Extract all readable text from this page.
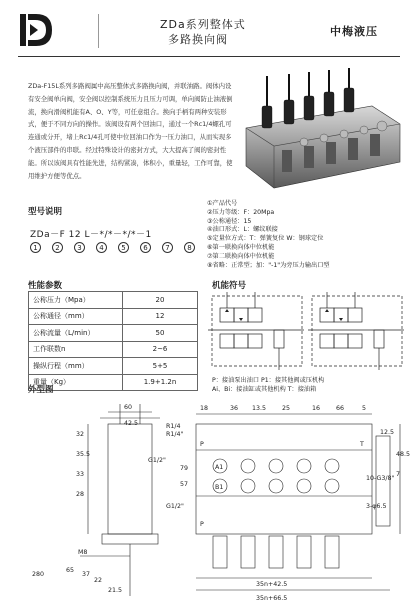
ZDa系列整体式
多路换向阀
中梅液压
ZDa-F15L系列多路阀属中高压整体式多路换向阀，并联油路。阀体内设有安全阀单向阀，安全阀以控制系统压力且压力可调，单向阀防止油液倒流，换向滑阀机能有A、O、Y等，可任意组合。换向手柄有两种安装形式，便于不同方向的操作。该阀设有两个回油口，通过一个Rc1/4螺孔可连通或分开，堵上Rc1/4孔可使中位回油口作为一压力油口，从而实现多个液压部件的串联。经过特殊设计的密封方式，大大提高了阀的密封性能。所以该阀具有性能先进，结构紧凑，体积小，重量轻，工作可靠，使用维护方便等优点。
型号说明
ZDa－F 12 L－*/*－*/*－1
1	2	3	4	5	6	7	8
①产品代号
②压力等级：F：20Mpa
③公称通径：15
④油口形式：L：螺纹联接
⑤定量位方式：T：弹簧复位 W：钢球定位
⑥第一联换向体中位机能
⑦第二联换向体中位机能
⑧省略：正常型；加："-1"为旁压力输出口型
性能参数
公称压力（Mpa）	20
公称通径（mm）	12
公称流量（L/min）	50
工作联数n	2~6
操纵行程（mm）	5+5
重量（Kg）	1.9+1.2n
机能符号
P：接油泵出油口 P1：接其他阀或压机构
Ai、Bi：接油缸或其他机构 T：接油箱
外型图
60
42.5
32
35.5
33
28
280
65
37
22
21.5
18	36 13.5	25	16	66	5
12.5
48.5
7
57
79
35n+42.5
35n+66.5
R1/4
R1/4"
G1/2"
10-G3/8"
G1/2"	3-φ6.5
P	T
M8
A1
B1
P
